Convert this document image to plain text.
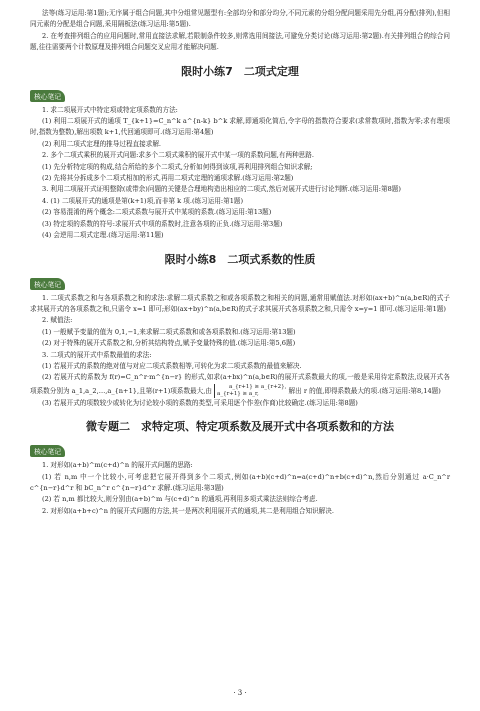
法等(练习运用:第1题);无序属于组合问题,其中分组常见题型有:全部均分和部分均分,不同元素的分组分配问题采用先分组,再分配(排列),但相同元素的分配是组合问题,采用隔板法(练习运用:第5题).

2. 在考查排列组合的应用问题时,常用直接法求解,若限制条件较多,则常选用间接法,可避免分类讨论(练习运用:第2题).有关排列组合的综合问题,往往需要两个计数原理及排列组合问题交叉应用才能解决问题.

限时小练7　二项式定理
核心笔记

1. 求二项展开式中特定项或特定项系数的方法:

(1) 利用二项展开式的通项 T_{k+1}=C_n^k a^{n-k} b^k 求解,即通项化简后,令字母的指数符合要求(求常数项时,指数为零;求有理项时,指数为整数),解出项数 k+1,代回通项即可.(练习运用:第4题)

(2) 利用二项式定理的推导过程直接求解.

2. 多个二项式乘积的展开式问题:求多个二项式乘积的展开式中某一项的系数问题,有两种思路.

(1) 先分析特定项的构成,结合所给的多个二项式,分析如何得到该项,再利用排列组合知识求解;

(2) 先将其分拆成多个二项式相加的形式,再用二项式定理的通项求解.(练习运用:第2题)

3. 利用二项展开式证明整除(或带余)问题的关键是合理地构造出相应的二项式,然后对展开式进行讨论判断.(练习运用:第8题)

4. (1) 二项展开式的通项是第(k+1)项,而非第 k 项.(练习运用:第1题)

(2) 容易混淆的两个概念:二项式系数与展开式中某项的系数.(练习运用:第13题)

(3) 特定项的系数的符号:求展开式中项的系数时,注意各项的正负.(练习运用:第3题)

(4) 会逆用二项式定理.(练习运用:第11题)

限时小练8　二项式系数的性质
核心笔记

1. 二项式系数之和与各项系数之和的求法:求解二项式系数之和或各项系数之和相关的问题,通常用赋值法.对形如(ax+b)^n(a,b∈R)的式子求其展开式的各项系数之和,只需令 x=1 即可;形如(ax+by)^n(a,b∈R)的式子求其展开式各项系数之和,只需令 x=y=1 即可.(练习运用:第1题)

2. 赋值法:

(1) 一般赋予变量的值为 0,1,−1,来求解二项式系数和或各项系数和.(练习运用:第13题)

(2) 对于特殊的展开式系数之和,分析其结构特点,赋予变量特殊的值.(练习运用:第5,6题)

3. 二项式的展开式中系数最值的求法:

(1) 若展开式的系数的绝对值与对应二项式系数相等,可转化为求二项式系数的最值来解决.

(2) 若展开式的系数为 f(r)=C_n^r·m^{n−r} 的形式,如求(a+bx)^n(a,b∈R)的展开式系数最大的项,一般是采用待定系数法,设展开式各项系数分别为 a_1,a_2,…,a_{n+1},且第(r+1)项系数最大,由	a_{r+1} ≥ a_{r+2},
a_{r+1} ≥ a_r,	解出 r 的值,即得系数最大的项.(练习运用:第8,14题)

(3) 若展开式的项数较少或转化为讨论较小项的系数的类型,可采用逐个作差(作商)比较确定.(练习运用:第8题)

微专题二　求特定项、特定项系数及展开式中各项系数和的方法
核心笔记

1. 对形如(a+b)^m(c+d)^n 的展开式问题的思路:

(1) 若 n,m 中一个比较小,可考虑把它展开得到多个二项式,例如(a+b)(c+d)^n=a(c+d)^n+b(c+d)^n,然后分别通过 a·C_n^r c^{n−r}d^r 和 bC_n^r c^{n−r}d^r 求解.(练习运用:第3题)

(2) 若 n,m 都比较大,则分别由(a+b)^m 与(c+d)^n 的通项,再利用多项式乘法法则综合考虑.

2. 对形如(a+b+c)^n 的展开式问题的方法,其一是两次利用展开式的通项,其二是利用组合知识解决.

· 3 ·
